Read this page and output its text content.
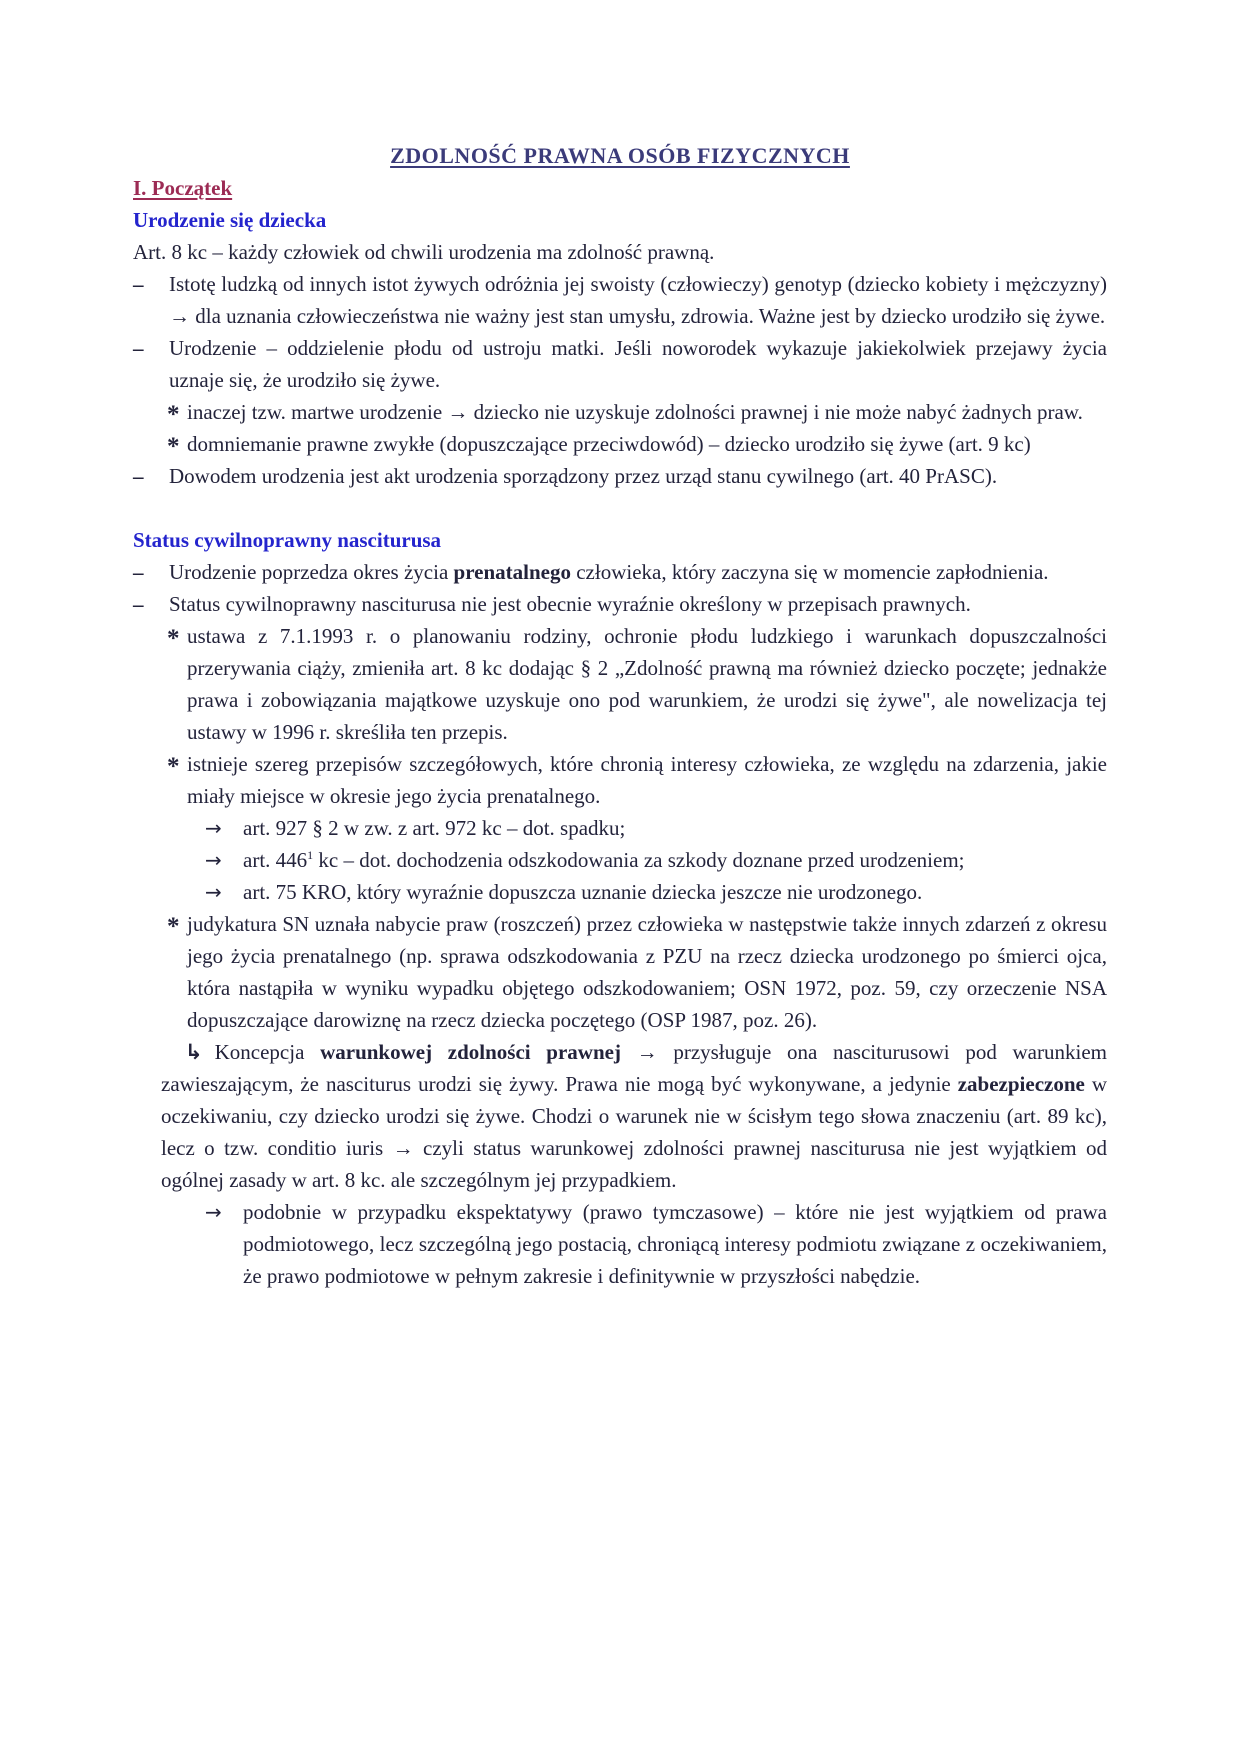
ZDOLNOŚĆ PRAWNA OSÓB FIZYCZNYCH
I. Początek
Urodzenie się dziecka
Art. 8 kc – każdy człowiek od chwili urodzenia ma zdolność prawną.
– Istotę ludzką od innych istot żywych odróżnia jej swoisty (człowieczy) genotyp (dziecko kobiety i mężczyzny) → dla uznania człowieczeństwa nie ważny jest stan umysłu, zdrowia. Ważne jest by dziecko urodziło się żywe.
– Urodzenie – oddzielenie płodu od ustroju matki. Jeśli noworodek wykazuje jakiekolwiek przejawy życia uznaje się, że urodziło się żywe.
* inaczej tzw. martwe urodzenie → dziecko nie uzyskuje zdolności prawnej i nie może nabyć żadnych praw.
* domniemanie prawne zwykłe (dopuszczające przeciwdowód) – dziecko urodziło się żywe (art. 9 kc)
– Dowodem urodzenia jest akt urodzenia sporządzony przez urząd stanu cywilnego (art. 40 PrASC).
Status cywilnoprawny nasciturusa
– Urodzenie poprzedza okres życia prenatalnego człowieka, który zaczyna się w momencie zapłodnienia.
– Status cywilnoprawny nasciturusa nie jest obecnie wyraźnie określony w przepisach prawnych.
* ustawa z 7.1.1993 r. o planowaniu rodziny, ochronie płodu ludzkiego i warunkach dopuszczalności przerywania ciąży, zmieniła art. 8 kc dodając § 2 „Zdolność prawną ma również dziecko poczęte; jednakże prawa i zobowiązania majątkowe uzyskuje ono pod warunkiem, że urodzi się żywe", ale nowelizacja tej ustawy w 1996 r. skreśliła ten przepis.
* istnieje szereg przepisów szczegółowych, które chronią interesy człowieka, ze względu na zdarzenia, jakie miały miejsce w okresie jego życia prenatalnego.
→ art. 927 § 2 w zw. z art. 972 kc – dot. spadku;
→ art. $446^1$ kc – dot. dochodzenia odszkodowania za szkody doznane przed urodzeniem;
→ art. 75 KRO, który wyraźnie dopuszcza uznanie dziecka jeszcze nie urodzonego.
* judykatura SN uznała nabycie praw (roszczeń) przez człowieka w następstwie także innych zdarzeń z okresu jego życia prenatalnego (np. sprawa odszkodowania z PZU na rzecz dziecka urodzonego po śmierci ojca, która nastąpiła w wyniku wypadku objętego odszkodowaniem; OSN 1972, poz. 59, czy orzeczenie NSA dopuszczające darowiznę na rzecz dziecka poczętego (OSP 1987, poz. 26).
↳ Koncepcja warunkowej zdolności prawnej → przysługuje ona nasciturusowi pod warunkiem zawieszającym, że nasciturus urodzi się żywy. Prawa nie mogą być wykonywane, a jedynie zabezpieczone w oczekiwaniu, czy dziecko urodzi się żywe. Chodzi o warunek nie w ścisłym tego słowa znaczeniu (art. 89 kc), lecz o tzw. conditio iuris → czyli status warunkowej zdolności prawnej nasciturusa nie jest wyjątkiem od ogólnej zasady w art. 8 kc. ale szczególnym jej przypadkiem.
→ podobnie w przypadku ekspektatywy (prawo tymczasowe) – które nie jest wyjątkiem od prawa podmiotowego, lecz szczególną jego postacią, chroniącą interesy podmiotu związane z oczekiwaniem, że prawo podmiotowe w pełnym zakresie i definitywnie w przyszłości nabędzie.
